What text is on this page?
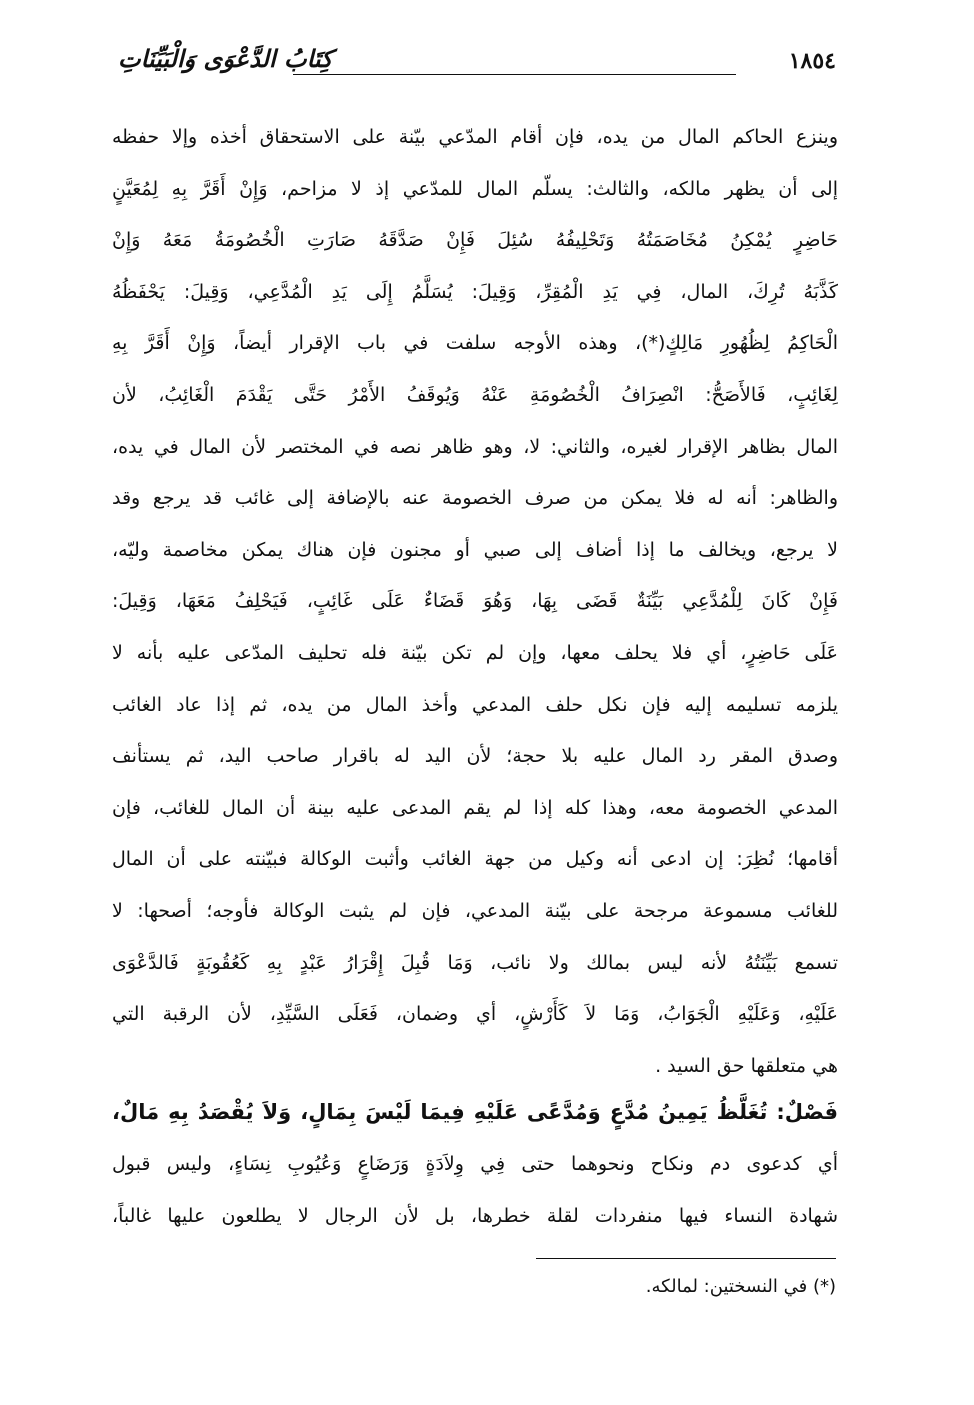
١٨٥٤
كِتَابُ الدَّعْوَى وَالْبَيِّنَاتِ
وينزع الحاكم المال من يده، فإن أقام المدّعي بيّنة على الاستحقاق أخذه وإلا حفظه
إلى أن يظهر مالكه، والثالث: يسلّم المال للمدّعي إذ لا مزاحم، وَإِنْ أَقَرَّ بِهِ لِمُعَيَّنٍ
حَاضِرٍ يُمْكِنُ مُخَاصَمَتُهُ وَتَحْلِيفُهُ سُئِلَ فَإِنْ صَدَّقَهُ صَارَتِ الْخُصُومَةُ مَعَهُ وَإِنْ
كَذَّبَهُ تُرِكَ، المال، فِي يَدِ الْمُقِرِّ، وَقِيلَ: يُسَلَّمُ إِلَى يَدِ الْمُدَّعِي، وَقِيلَ: يَحْفَظُهُ
الْحَاكِمُ لِظُهُورِ مَالِكٍ(*)، وهذه الأوجه سلفت في باب الإقرار أيضاً، وَإِنْ أَقَرَّ بِهِ
لِغَائِبٍ، فَالأَصَحُّ: انْصِرَافُ الْخُصُومَةِ عَنْهُ وَيُوقَفُ الأَمْرُ حَتَّى يَقْدَمَ الْغَائِبُ، لأن
المال بظاهر الإقرار لغيره، والثاني: لا، وهو ظاهر نصه في المختصر لأن المال في يده،
والظاهر: أنه له فلا يمكن من صرف الخصومة عنه بالإضافة إلى غائب قد يرجع وقد
لا يرجع، ويخالف ما إذا أضاف إلى صبي أو مجنون فإن هناك يمكن مخاصمة وليّه،
فَإِنْ كَانَ لِلْمُدَّعِي بَيِّنَةٌ قَضَى بِهَا، وَهُوَ قَضَاءٌ عَلَى غَائِبٍ، فَيَحْلِفُ مَعَهَا، وَقِيلَ:
عَلَى حَاضِرٍ، أي فلا يحلف معها، وإن لم تكن بيّنة فله تحليف المدّعى عليه بأنه لا
يلزمه تسليمه إليه فإن نكل حلف المدعي وأخذ المال من يده، ثم إذا عاد الغائب
وصدق المقر رد المال عليه بلا حجة؛ لأن اليد له باقرار صاحب اليد، ثم يستأنف
المدعي الخصومة معه، وهذا كله إذا لم يقم المدعى عليه بينة أن المال للغائب، فإن
أقامها؛ نُظِرَ: إن ادعى أنه وكيل من جهة الغائب وأثبت الوكالة فبيّنته على أن المال
للغائب مسموعة مرجحة على بيّنة المدعي، فإن لم يثبت الوكالة فأوجه؛ أصحها: لا
تسمع بَيِّنَتُهُ لأنه ليس بمالك ولا نائب، وَمَا قُبِلَ إِقْرَارُ عَبْدٍ بِهِ كَعُقُوبَةٍ فَالدَّعْوَى
عَلَيْهِ، وَعَلَيْهِ الْجَوَابُ، وَمَا لاَ كَأَرْشٍ، أي وضمان، فَعَلَى السَّيِّدِ، لأن الرقبة التي
هي متعلقها حق السيد .
فَصْلٌ: تُغَلَّظُ يَمِينُ مُدَّعٍ وَمُدَّعًى عَلَيْهِ فِيمَا لَيْسَ بِمَالٍ، وَلاَ يُقْصَدُ بِهِ مَالٌ،
أي كدعوى دم ونكاح ونحوهما حتى فِي وِلاَدَةٍ وَرَضَاعٍ وَعُيُوبِ نِسَاءٍ، وليس قبول
شهادة النساء فيها منفردات لقلة خطرها، بل لأن الرجال لا يطلعون عليها غالباً،
(*) في النسختين: لمالكه.
